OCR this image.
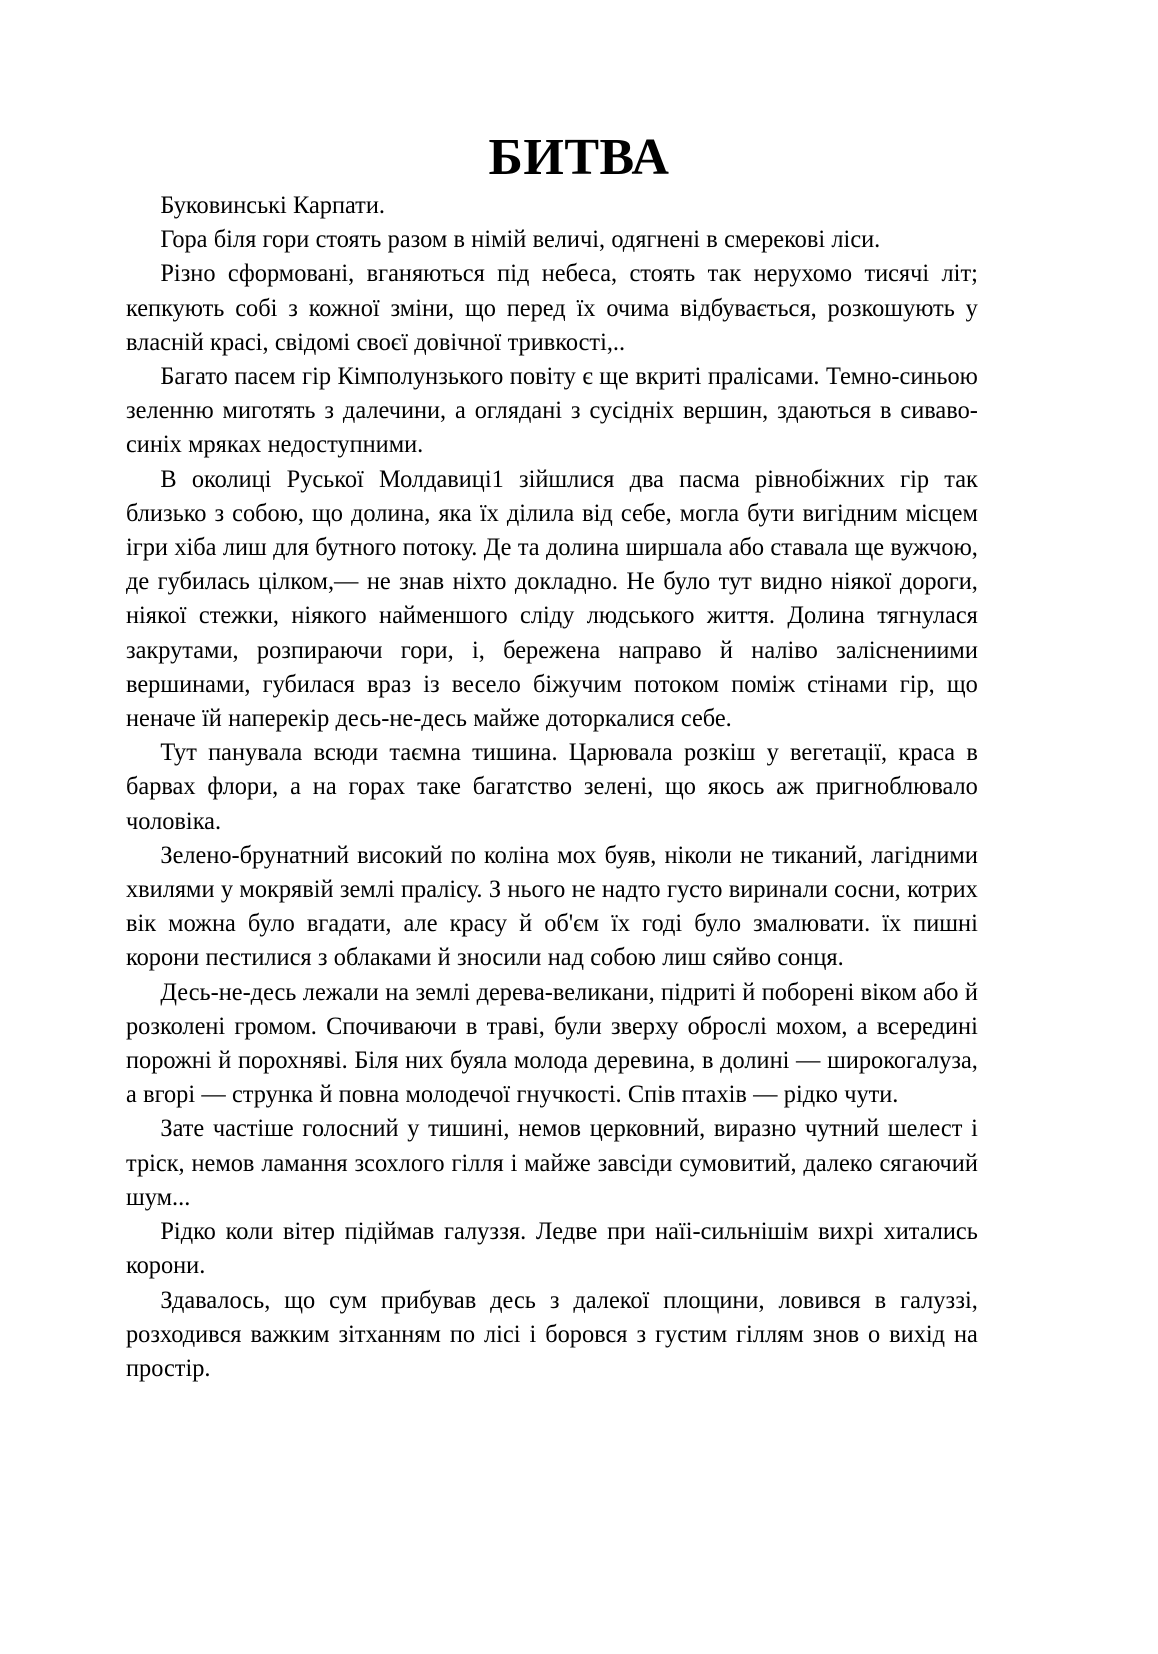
БИТВА

Буковинські Карпати.

Гора біля гори стоять разом в німій величі, одягнені в смерекові ліси.

Різно сформовані, вганяються під небеса, стоять так нерухомо тисячі літ; кепкують собі з кожної зміни, що перед їх очима відбувається, розкошують у власній красі, свідомі своєї довічної тривкості,..

Багато пасем гір Кімполунзького повіту є ще вкриті пралісами. Темно-синьою зеленню миготять з далечини, а оглядані з сусідніх вершин, здаються в сиваво-синіх мряках недоступними.

В околиці Руської Молдавиці1 зійшлися два пасма рівнобіжних гір так близько з собою, що долина, яка їх ділила від себе, могла бути вигідним місцем ігри хіба лиш для бутного потоку. Де та долина ширшала або ставала ще вужчою, де губилась цілком,— не знав ніхто докладно. Не було тут видно ніякої дороги, ніякої стежки, ніякого найменшого сліду людського життя. Долина тягнулася закрутами, розпираючи гори, і, бережена направо й наліво заліснениими вершинами, губилася враз із весело біжучим потоком поміж стінами гір, що неначе їй наперекір десь-не-десь майже доторкалися себе.

Тут панувала всюди таємна тишина. Царювала розкіш у вегетації, краса в барвах флори, а на горах таке багатство зелені, що якось аж пригноблювало чоловіка.

Зелено-брунатний високий по коліна мох буяв, ніколи не тиканий, лагідними хвилями у мокрявій землі пралісу. З нього не надто густо виринали сосни, котрих вік можна було вгадати, але красу й об'єм їх годі було змалювати. їх пишні корони пестилися з облаками й зносили над собою лиш сяйво сонця.

Десь-не-десь лежали на землі дерева-великани, підриті й поборені віком або й розколені громом. Спочиваючи в траві, були зверху оброслі мохом, а всередині порожні й порохняві. Біля них буяла молода деревина, в долині — широкогалуза, а вгорі — струнка й повна молодечої гнучкості. Спів птахів — рідко чути.

Зате частіше голосний у тишині, немов церковний, виразно чутний шелест і тріск, немов ламання зсохлого гілля і майже завсіди сумовитий, далеко сягаючий шум...

Рідко коли вітер підіймав галуззя. Ледве при наїі-сильнішім вихрі хитались корони.

Здавалось, що сум прибував десь з далекої площини, ловився в галуззі, розходився важким зітханням по лісі і боровся з густим гіллям знов о вихід на простір.
